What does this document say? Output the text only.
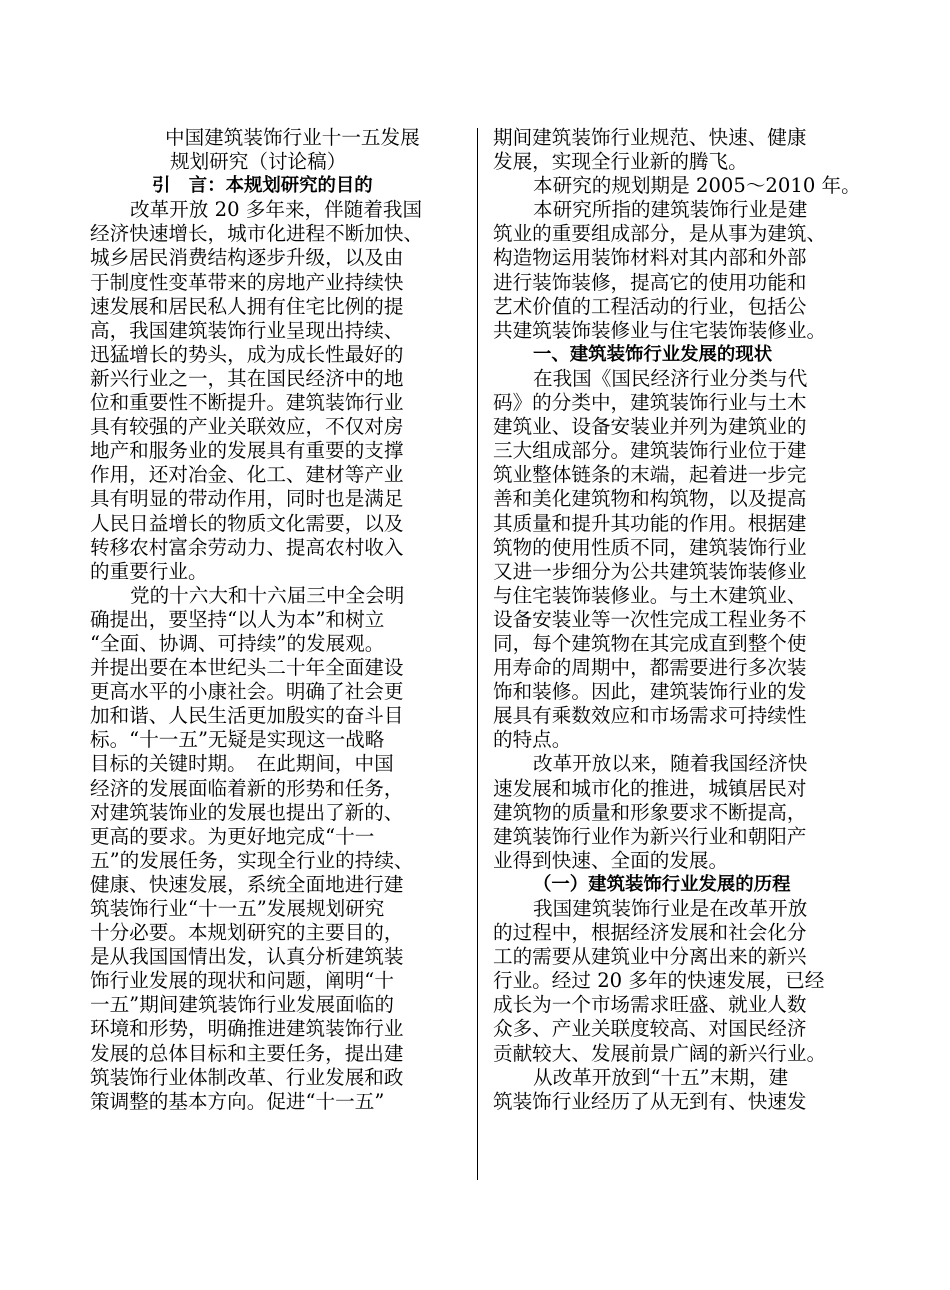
中国建筑装饰行业十一五发展
规划研究（讨论稿）
引　言：本规划研究的目的
改革开放 20 多年来，伴随着我国
经济快速增长，城市化进程不断加快、
城乡居民消费结构逐步升级，以及由
于制度性变革带来的房地产业持续快
速发展和居民私人拥有住宅比例的提
高，我国建筑装饰行业呈现出持续、
迅猛增长的势头，成为成长性最好的
新兴行业之一，其在国民经济中的地
位和重要性不断提升。建筑装饰行业
具有较强的产业关联效应，不仅对房
地产和服务业的发展具有重要的支撑
作用，还对冶金、化工、建材等产业
具有明显的带动作用，同时也是满足
人民日益增长的物质文化需要，以及
转移农村富余劳动力、提高农村收入
的重要行业。
党的十六大和十六届三中全会明
确提出，要坚持“以人为本”和树立
“全面、协调、可持续”的发展观。
并提出要在本世纪头二十年全面建设
更高水平的小康社会。明确了社会更
加和谐、人民生活更加殷实的奋斗目
标。“十一五”无疑是实现这一战略
目标的关键时期。　在此期间，中国
经济的发展面临着新的形势和任务，
对建筑装饰业的发展也提出了新的、
更高的要求。为更好地完成“十一
五”的发展任务，实现全行业的持续、
健康、快速发展，系统全面地进行建
筑装饰行业“十一五”发展规划研究
十分必要。本规划研究的主要目的，
是从我国国情出发，认真分析建筑装
饰行业发展的现状和问题，阐明“十
一五”期间建筑装饰行业发展面临的
环境和形势，明确推进建筑装饰行业
发展的总体目标和主要任务，提出建
筑装饰行业体制改革、行业发展和政
策调整的基本方向。促进“十一五”
期间建筑装饰行业规范、快速、健康
发展，实现全行业新的腾飞。
本研究的规划期是 2005～2010 年。
本研究所指的建筑装饰行业是建
筑业的重要组成部分，是从事为建筑、
构造物运用装饰材料对其内部和外部
进行装饰装修，提高它的使用功能和
艺术价值的工程活动的行业，包括公
共建筑装饰装修业与住宅装饰装修业。
一、建筑装饰行业发展的现状
在我国《国民经济行业分类与代
码》的分类中，建筑装饰行业与土木
建筑业、设备安装业并列为建筑业的
三大组成部分。建筑装饰行业位于建
筑业整体链条的末端，起着进一步完
善和美化建筑物和构筑物，以及提高
其质量和提升其功能的作用。根据建
筑物的使用性质不同，建筑装饰行业
又进一步细分为公共建筑装饰装修业
与住宅装饰装修业。与土木建筑业、
设备安装业等一次性完成工程业务不
同，每个建筑物在其完成直到整个使
用寿命的周期中，都需要进行多次装
饰和装修。因此，建筑装饰行业的发
展具有乘数效应和市场需求可持续性
的特点。
改革开放以来，随着我国经济快
速发展和城市化的推进，城镇居民对
建筑物的质量和形象要求不断提高，
建筑装饰行业作为新兴行业和朝阳产
业得到快速、全面的发展。
（一）建筑装饰行业发展的历程
我国建筑装饰行业是在改革开放
的过程中，根据经济发展和社会化分
工的需要从建筑业中分离出来的新兴
行业。经过 20 多年的快速发展，已经
成长为一个市场需求旺盛、就业人数
众多、产业关联度较高、对国民经济
贡献较大、发展前景广阔的新兴行业。
从改革开放到“十五”末期，建
筑装饰行业经历了从无到有、快速发
